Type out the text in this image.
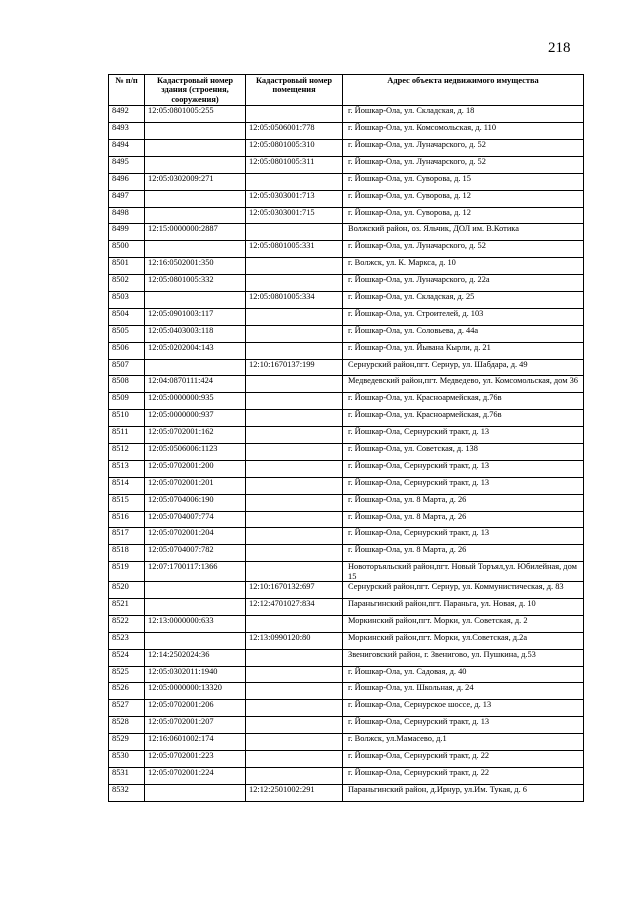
218
№ п/п	Кадастровый номер здания (строения, сооружения)	Кадастровый номер помещения	Адрес объекта недвижимого имущества
8492	12:05:0801005:255		г. Йошкар-Ола, ул. Складская, д. 18
8493		12:05:0506001:778	г. Йошкар-Ола, ул. Комсомольская, д. 110
8494		12:05:0801005:310	г. Йошкар-Ола, ул. Луначарского, д. 52
8495		12:05:0801005:311	г. Йошкар-Ола, ул. Луначарского, д. 52
8496	12:05:0302009:271		г. Йошкар-Ола, ул. Суворова, д. 15
8497		12:05:0303001:713	г. Йошкар-Ола, ул. Суворова, д. 12
8498		12:05:0303001:715	г. Йошкар-Ола, ул. Суворова, д. 12
8499	12:15:0000000:2887		Волжский район, оз. Яльчик, ДОЛ им. В.Котика
8500		12:05:0801005:331	г. Йошкар-Ола, ул. Луначарского, д. 52
8501	12:16:0502001:350		г. Волжск, ул. К. Маркса, д. 10
8502	12:05:0801005:332		г. Йошкар-Ола, ул. Луначарского, д. 22а
8503		12:05:0801005:334	г. Йошкар-Ола, ул. Складская, д. 25
8504	12:05:0901003:117		г. Йошкар-Ола, ул. Строителей, д. 103
8505	12:05:0403003:118		г. Йошкар-Ола, ул. Соловьева, д. 44а
8506	12:05:0202004:143		г. Йошкар-Ола, ул. Йывана Кырли, д. 21
8507		12:10:1670137:199	Сернурский район,пгт. Сернур, ул. Шабдара, д. 49
8508	12:04:0870111:424		Медведевский район,пгт. Медведево, ул. Комсомольская, дом 36
8509	12:05:0000000:935		г. Йошкар-Ола, ул. Красноармейская, д.76в
8510	12:05:0000000:937		г. Йошкар-Ола, ул. Красноармейская, д.76в
8511	12:05:0702001:162		г. Йошкар-Ола, Сернурский тракт, д. 13
8512	12:05:0506006:1123		г. Йошкар-Ола, ул. Советская, д. 138
8513	12:05:0702001:200		г. Йошкар-Ола, Сернурский тракт, д. 13
8514	12:05:0702001:201		г. Йошкар-Ола, Сернурский тракт, д. 13
8515	12:05:0704006:190		г. Йошкар-Ола, ул. 8 Марта, д. 26
8516	12:05:0704007:774		г. Йошкар-Ола, ул. 8 Марта, д. 26
8517	12:05:0702001:204		г. Йошкар-Ола, Сернурский тракт, д. 13
8518	12:05:0704007:782		г. Йошкар-Ола, ул. 8 Марта, д. 26
8519	12:07:1700117:1366		Новоторъяльский район,пгт. Новый Торъял,ул. Юбилейная, дом 15
8520		12:10:1670132:697	Сернурский район,пгт. Сернур, ул. Коммунистическая, д. 83
8521		12:12:4701027:834	Параньгинский район,пгт. Параньга, ул. Новая, д. 10
8522	12:13:0000000:633		Моркинский район,пгт. Морки, ул. Советская, д. 2
8523		12:13:0990120:80	Моркинский район,пгт. Морки, ул.Советская, д.2а
8524	12:14:2502024:36		Звениговский район, г. Звенигово, ул. Пушкина, д.53
8525	12:05:0302011:1940		г. Йошкар-Ола, ул. Садовая, д. 40
8526	12:05:0000000:13320		г. Йошкар-Ола, ул. Школьная, д. 24
8527	12:05:0702001:206		г. Йошкар-Ола, Сернурское шоссе, д. 13
8528	12:05:0702001:207		г. Йошкар-Ола, Сернурский тракт, д. 13
8529	12:16:0601002:174		г. Волжск, ул.Мамасево, д.1
8530	12:05:0702001:223		г. Йошкар-Ола, Сернурский тракт, д. 22
8531	12:05:0702001:224		г. Йошкар-Ола, Сернурский тракт, д. 22
8532		12:12:2501002:291	Параньгинский район, д.Ирнур, ул.Им. Тукая, д. 6
